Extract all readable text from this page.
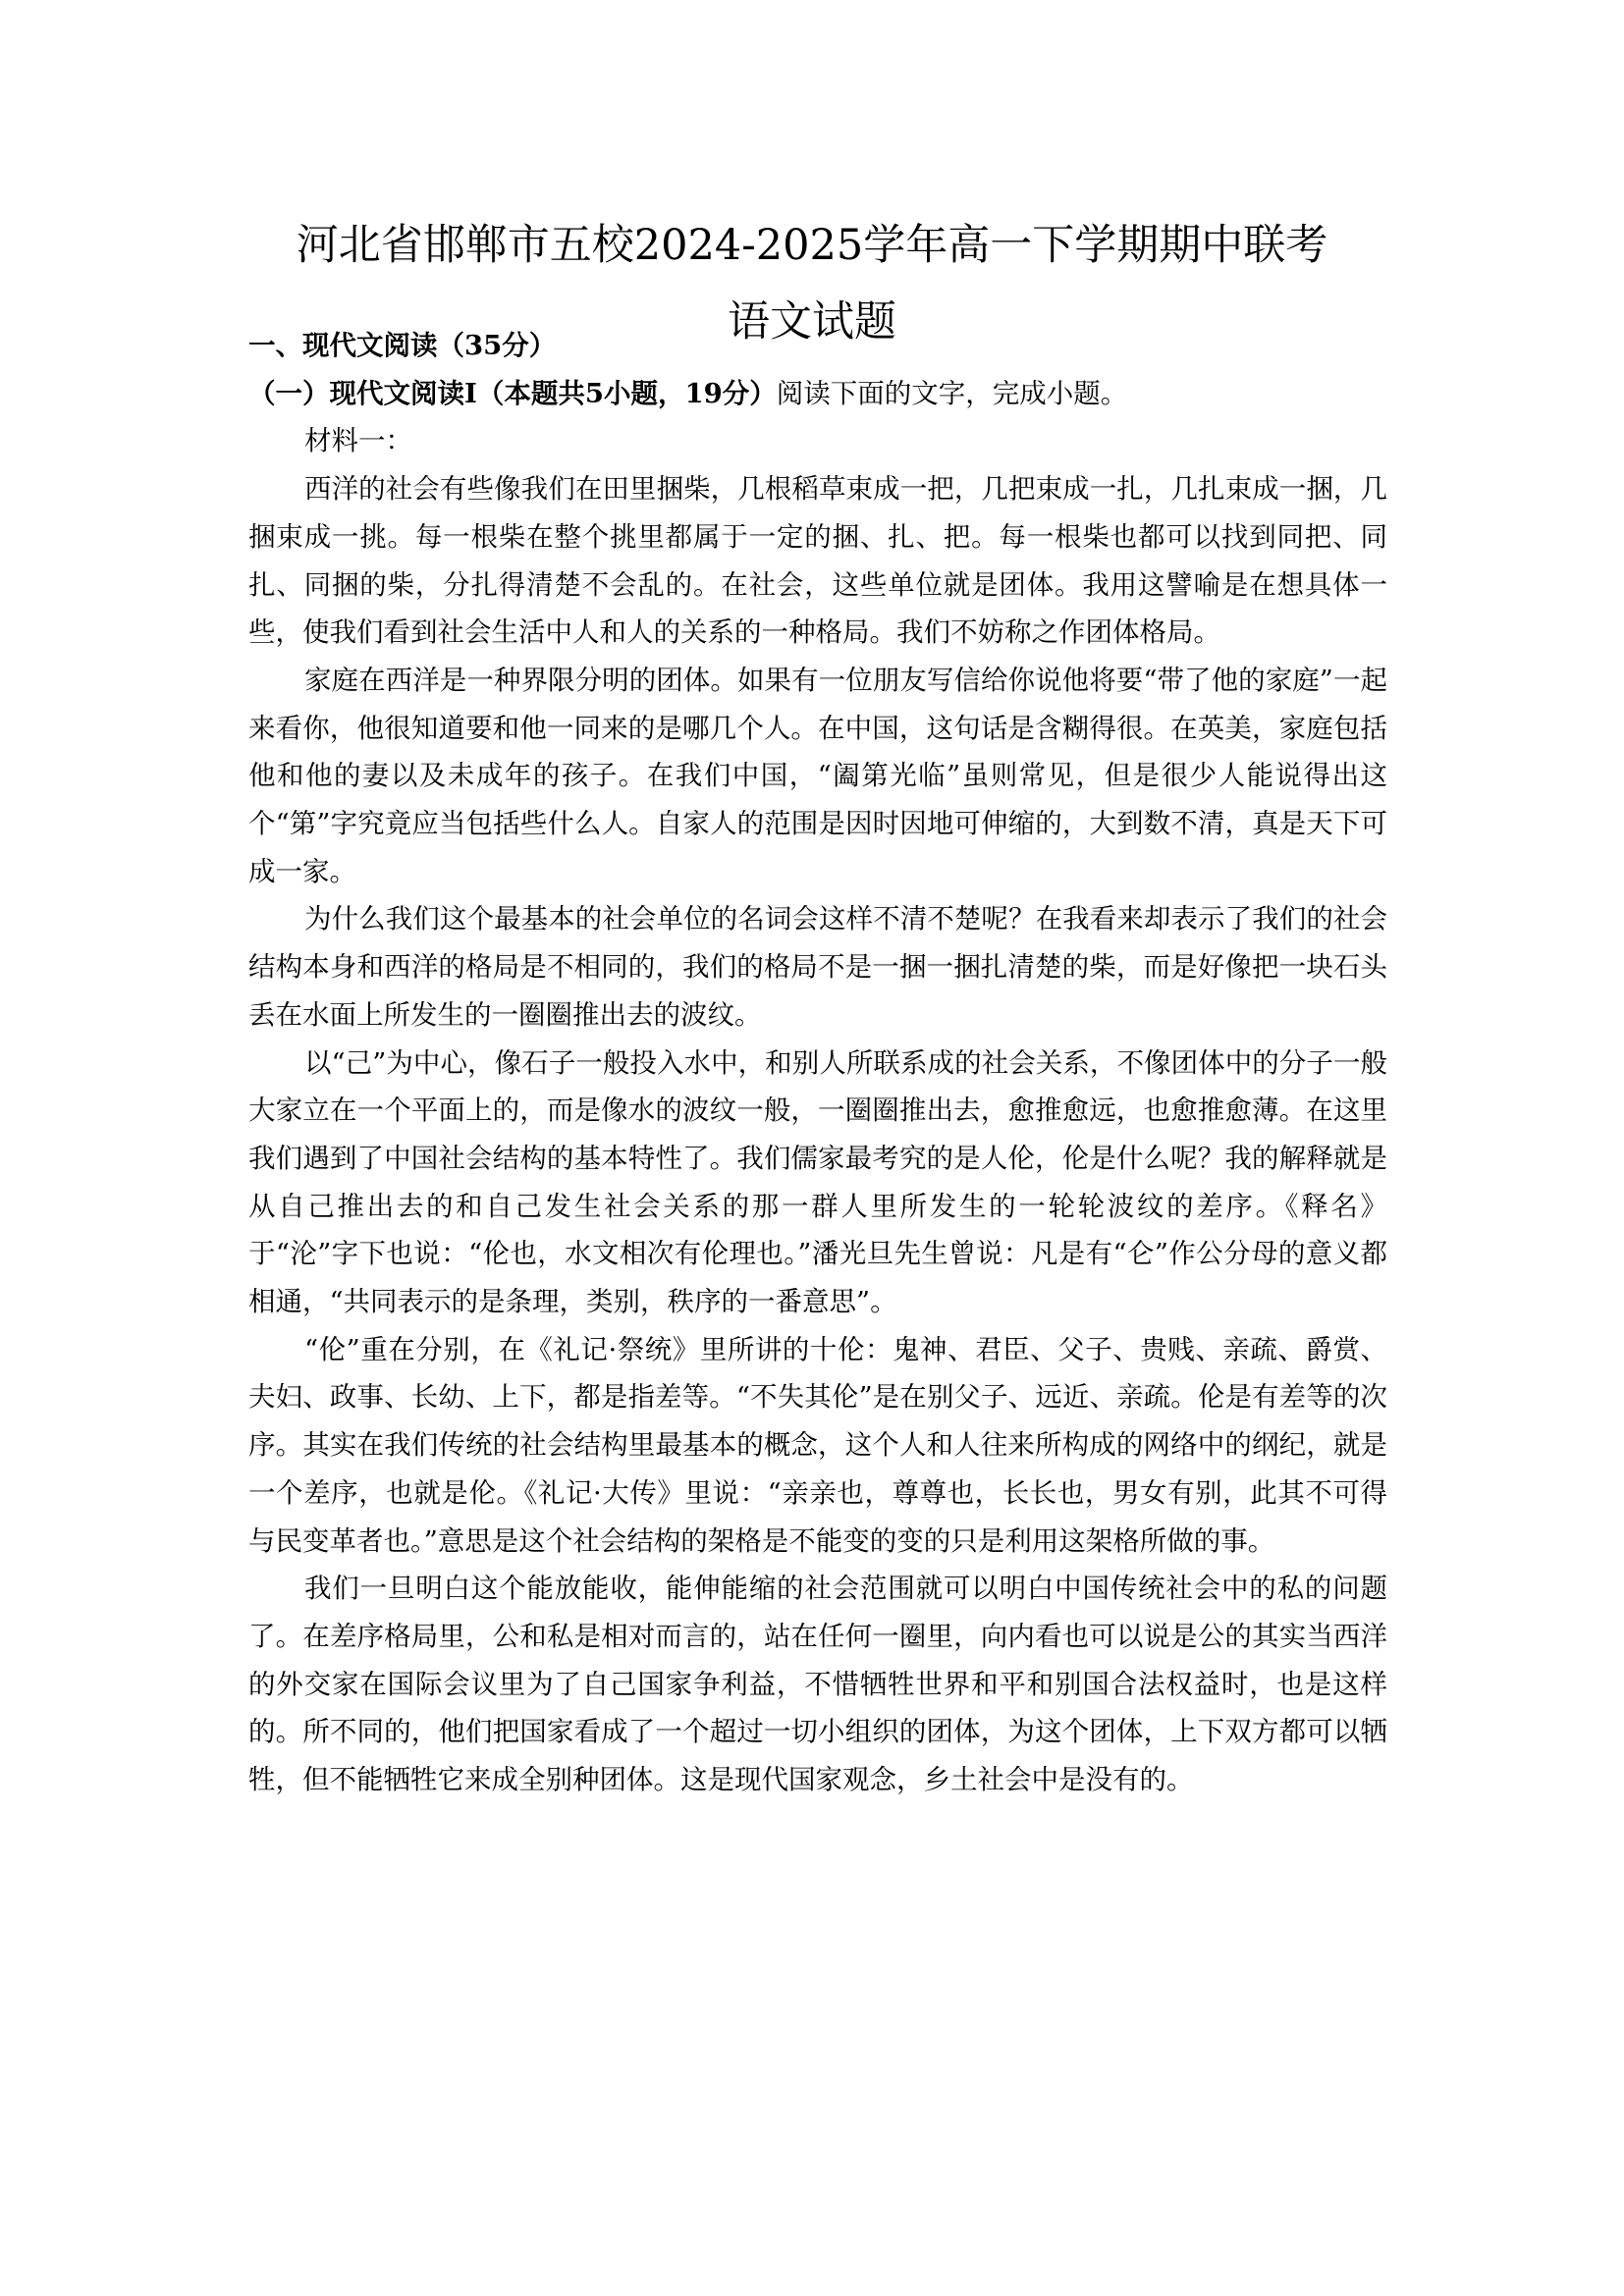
河北省邯郸市五校2024-2025学年高一下学期期中联考
语文试题

一、现代文阅读（35分）

（一）现代文阅读Ⅰ（本题共5小题，19分）阅读下面的文字，完成小题。

材料一：

西洋的社会有些像我们在田里捆柴，几根稻草束成一把，几把束成一扎，几扎束成一捆，几捆束成一挑。每一根柴在整个挑里都属于一定的捆、扎、把。每一根柴也都可以找到同把、同扎、同捆的柴，分扎得清楚不会乱的。在社会，这些单位就是团体。我用这譬喻是在想具体一些，使我们看到社会生活中人和人的关系的一种格局。我们不妨称之作团体格局。

家庭在西洋是一种界限分明的团体。如果有一位朋友写信给你说他将要“带了他的家庭”一起来看你，他很知道要和他一同来的是哪几个人。在中国，这句话是含糊得很。在英美，家庭包括他和他的妻以及未成年的孩子。在我们中国，“阖第光临”虽则常见，但是很少人能说得出这个“第”字究竟应当包括些什么人。自家人的范围是因时因地可伸缩的，大到数不清，真是天下可成一家。

为什么我们这个最基本的社会单位的名词会这样不清不楚呢？在我看来却表示了我们的社会结构本身和西洋的格局是不相同的，我们的格局不是一捆一捆扎清楚的柴，而是好像把一块石头丢在水面上所发生的一圈圈推出去的波纹。

以“己”为中心，像石子一般投入水中，和别人所联系成的社会关系，不像团体中的分子一般大家立在一个平面上的，而是像水的波纹一般，一圈圈推出去，愈推愈远，也愈推愈薄。在这里我们遇到了中国社会结构的基本特性了。我们儒家最考究的是人伦，伦是什么呢？我的解释就是从自己推出去的和自己发生社会关系的那一群人里所发生的一轮轮波纹的差序。《释名》于“沦”字下也说：“伦也，水文相次有伦理也。”潘光旦先生曾说：凡是有“仑”作公分母的意义都相通，“共同表示的是条理，类别，秩序的一番意思”。

“伦”重在分别，在《礼记·祭统》里所讲的十伦：鬼神、君臣、父子、贵贱、亲疏、爵赏、夫妇、政事、长幼、上下，都是指差等。“不失其伦”是在别父子、远近、亲疏。伦是有差等的次序。其实在我们传统的社会结构里最基本的概念，这个人和人往来所构成的网络中的纲纪，就是一个差序，也就是伦。《礼记·大传》里说：“亲亲也，尊尊也，长长也，男女有别，此其不可得与民变革者也。”意思是这个社会结构的架格是不能变的变的只是利用这架格所做的事。

我们一旦明白这个能放能收，能伸能缩的社会范围就可以明白中国传统社会中的私的问题了。在差序格局里，公和私是相对而言的，站在任何一圈里，向内看也可以说是公的其实当西洋的外交家在国际会议里为了自己国家争利益，不惜牺牲世界和平和别国合法权益时，也是这样的。所不同的，他们把国家看成了一个超过一切小组织的团体，为这个团体，上下双方都可以牺牲，但不能牺牲它来成全别种团体。这是现代国家观念，乡土社会中是没有的。
